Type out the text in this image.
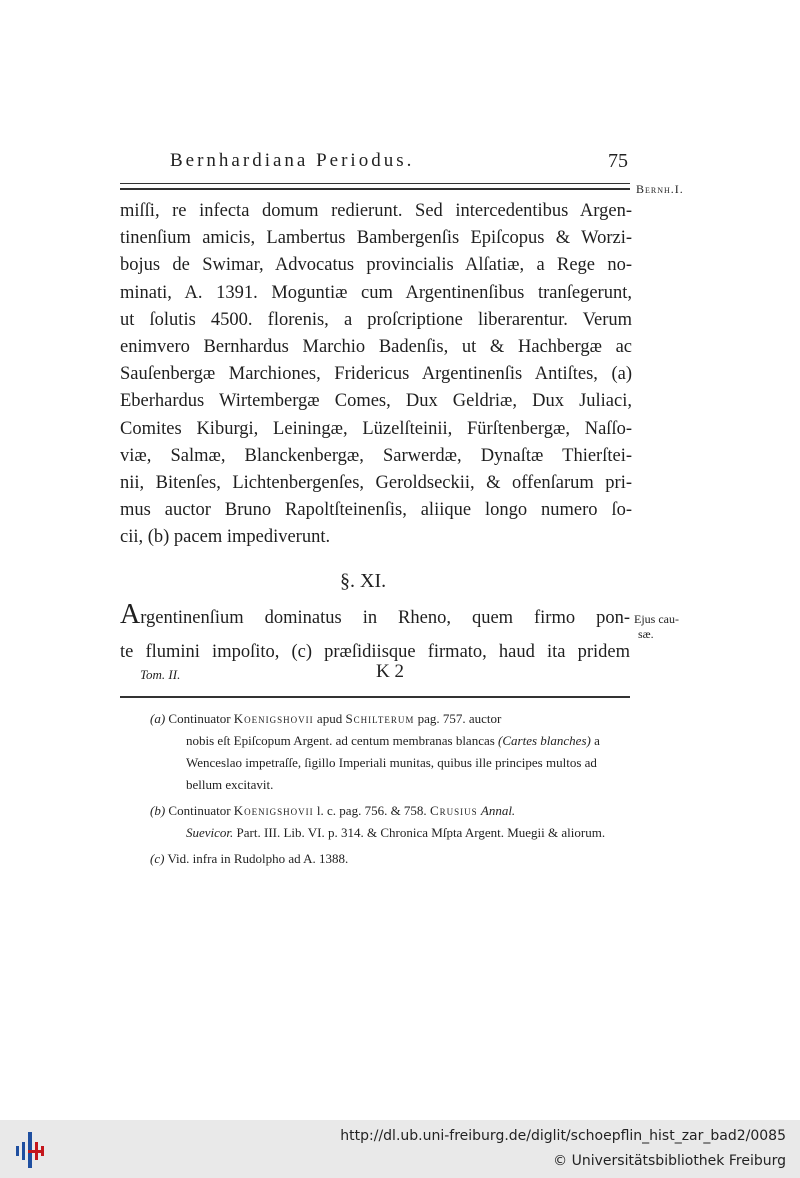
Bernhardiana Periodus.	75
Bernh.I.
miſſi, re infecta domum redierunt. Sed intercedentibus Argen-
tinenſium amicis, Lambertus Bambergenſis Epiſcopus & Worzi-
bojus de Swimar, Advocatus provincialis Alſatiæ, a Rege no-
minati, A. 1391. Moguntiæ cum Argentinenſibus tranſegerunt,
ut ſolutis 4500. florenis, a proſcriptione liberarentur. Verum
enimvero Bernhardus Marchio Badenſis, ut & Hachbergæ ac
Sauſenbergæ Marchiones, Fridericus Argentinenſis Antiſtes, (a)
Eberhardus Wirtembergæ Comes, Dux Geldriæ, Dux Juliaci,
Comites Kiburgi, Leiningæ, Lüzelſteinii, Fürſtenbergæ, Naſſo-
viæ, Salmæ, Blanckenbergæ, Sarwerdæ, Dynaſtæ Thierſtei-
nii, Bitenſes, Lichtenbergenſes, Geroldseckii, & offenſarum pri-
mus auctor Bruno Rapoltſteinenſis, aliique longo numero ſo-
cii, (b) pacem impediverunt.
§. XI.
Argentinenſium dominatus in Rheno, quem firmo pon-
te flumini impoſito, (c) præſidiisque firmato, haud ita pridem
Ejus cau-
sæ.
Tom. II.	K 2

(a) Continuator Koenigshovii apud Schilterum pag. 757. auctor
nobis eſt Epiſcopum Argent. ad centum membranas blancas (Cartes blanches) a Wenceslao impetraſſe, ſigillo Imperiali munitas, quibus ille principes multos ad bellum excitavit.

(b) Continuator Koenigshovii l. c. pag. 756. & 758. Crusius Annal.
Suevicor. Part. III. Lib. VI. p. 314. & Chronica Mſpta Argent. Muegii & aliorum.

(c) Vid. infra in Rudolpho ad A. 1388.

http://dl.ub.uni-freiburg.de/diglit/schoepflin_hist_zar_bad2/0085
© Universitätsbibliothek Freiburg
